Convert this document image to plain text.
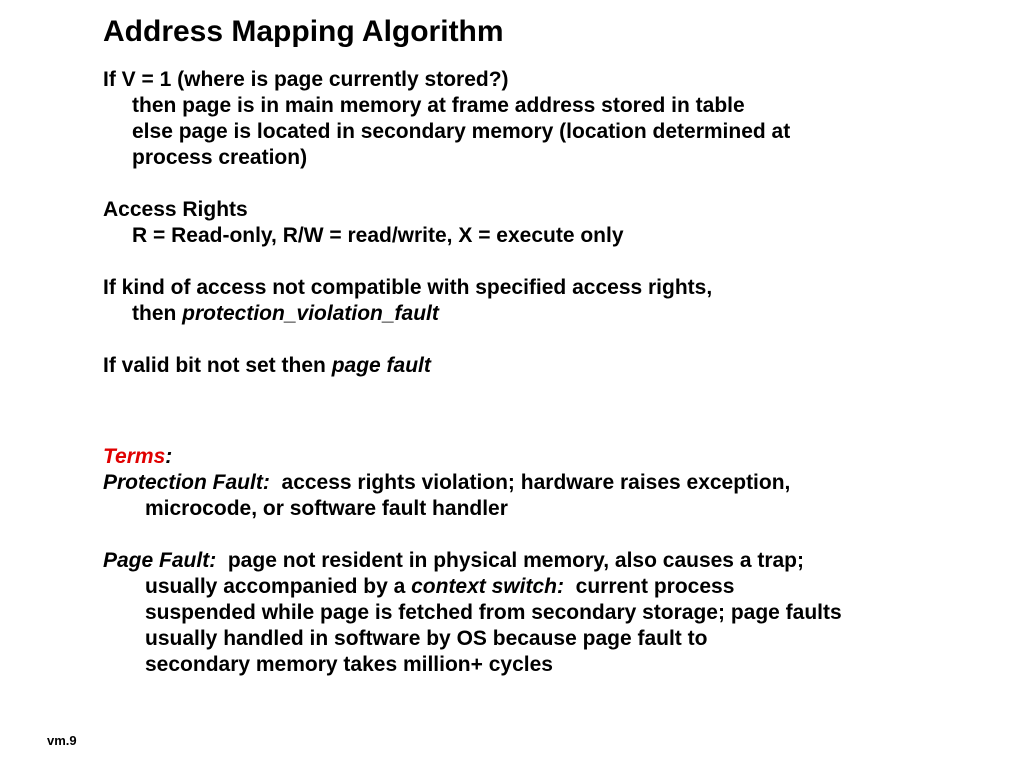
Address Mapping Algorithm

If V = 1 (where is page currently stored?)

then page is in main memory at frame address stored in table

else page is located in secondary memory (location determined at

process creation)

Access Rights

R = Read-only, R/W = read/write, X = execute only

If kind of access not compatible with specified access rights,

then protection_violation_fault

If valid bit not set then page fault

Terms:

Protection Fault: access rights violation; hardware raises exception,

microcode, or software fault handler

Page Fault: page not resident in physical memory, also causes a trap;

usually accompanied by a context switch: current process

suspended while page is fetched from secondary storage; page faults

usually handled in software by OS because page fault to

secondary memory takes million+ cycles

vm.9
